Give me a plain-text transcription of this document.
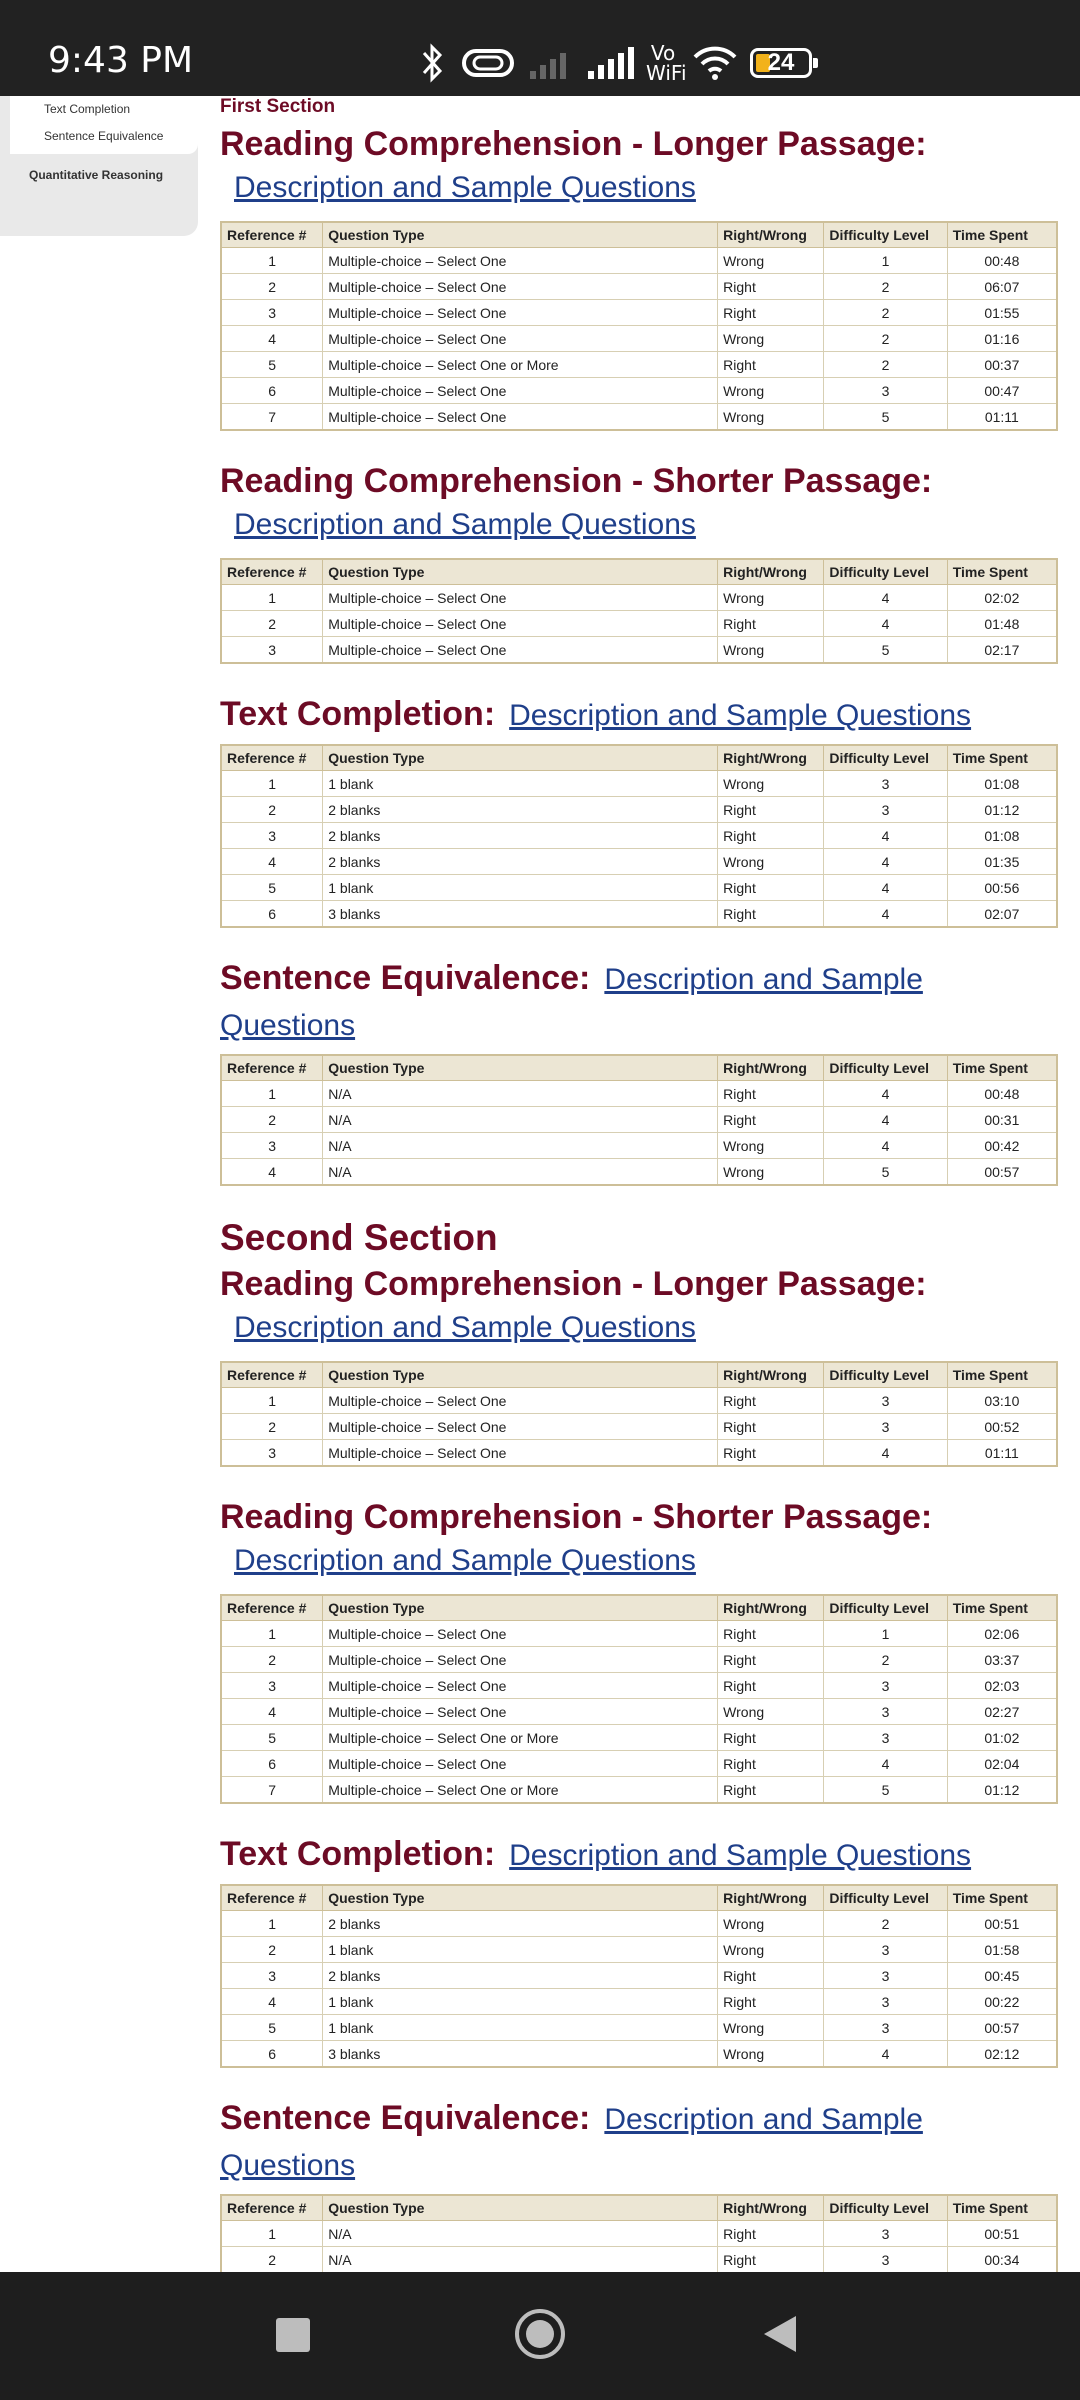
9:43 PM	Vo WiFi	24
Text Completion
Sentence Equivalence
Quantitative Reasoning
First Section
Reading Comprehension - Longer Passage:
Description and Sample Questions
Reference #	Question Type	Right/Wrong	Difficulty Level	Time Spent
1	Multiple-choice – Select One	Wrong	1	00:48
2	Multiple-choice – Select One	Right	2	06:07
3	Multiple-choice – Select One	Right	2	01:55
4	Multiple-choice – Select One	Wrong	2	01:16
5	Multiple-choice – Select One or More	Right	2	00:37
6	Multiple-choice – Select One	Wrong	3	00:47
7	Multiple-choice – Select One	Wrong	5	01:11
Reading Comprehension - Shorter Passage:
Description and Sample Questions
Reference #	Question Type	Right/Wrong	Difficulty Level	Time Spent
1	Multiple-choice – Select One	Wrong	4	02:02
2	Multiple-choice – Select One	Right	4	01:48
3	Multiple-choice – Select One	Wrong	5	02:17
Text Completion: Description and Sample Questions
Reference #	Question Type	Right/Wrong	Difficulty Level	Time Spent
1	1 blank	Wrong	3	01:08
2	2 blanks	Right	3	01:12
3	2 blanks	Right	4	01:08
4	2 blanks	Wrong	4	01:35
5	1 blank	Right	4	00:56
6	3 blanks	Right	4	02:07
Sentence Equivalence: Description and Sample Questions
Reference #	Question Type	Right/Wrong	Difficulty Level	Time Spent
1	N/A	Right	4	00:48
2	N/A	Right	4	00:31
3	N/A	Wrong	4	00:42
4	N/A	Wrong	5	00:57
Second Section
Reading Comprehension - Longer Passage:
Description and Sample Questions
Reference #	Question Type	Right/Wrong	Difficulty Level	Time Spent
1	Multiple-choice – Select One	Right	3	03:10
2	Multiple-choice – Select One	Right	3	00:52
3	Multiple-choice – Select One	Right	4	01:11
Reading Comprehension - Shorter Passage:
Description and Sample Questions
Reference #	Question Type	Right/Wrong	Difficulty Level	Time Spent
1	Multiple-choice – Select One	Right	1	02:06
2	Multiple-choice – Select One	Right	2	03:37
3	Multiple-choice – Select One	Right	3	02:03
4	Multiple-choice – Select One	Wrong	3	02:27
5	Multiple-choice – Select One or More	Right	3	01:02
6	Multiple-choice – Select One	Right	4	02:04
7	Multiple-choice – Select One or More	Right	5	01:12
Text Completion: Description and Sample Questions
Reference #	Question Type	Right/Wrong	Difficulty Level	Time Spent
1	2 blanks	Wrong	2	00:51
2	1 blank	Wrong	3	01:58
3	2 blanks	Right	3	00:45
4	1 blank	Right	3	00:22
5	1 blank	Wrong	3	00:57
6	3 blanks	Wrong	4	02:12
Sentence Equivalence: Description and Sample Questions
Reference #	Question Type	Right/Wrong	Difficulty Level	Time Spent
1	N/A	Right	3	00:51
2	N/A	Right	3	00:34
